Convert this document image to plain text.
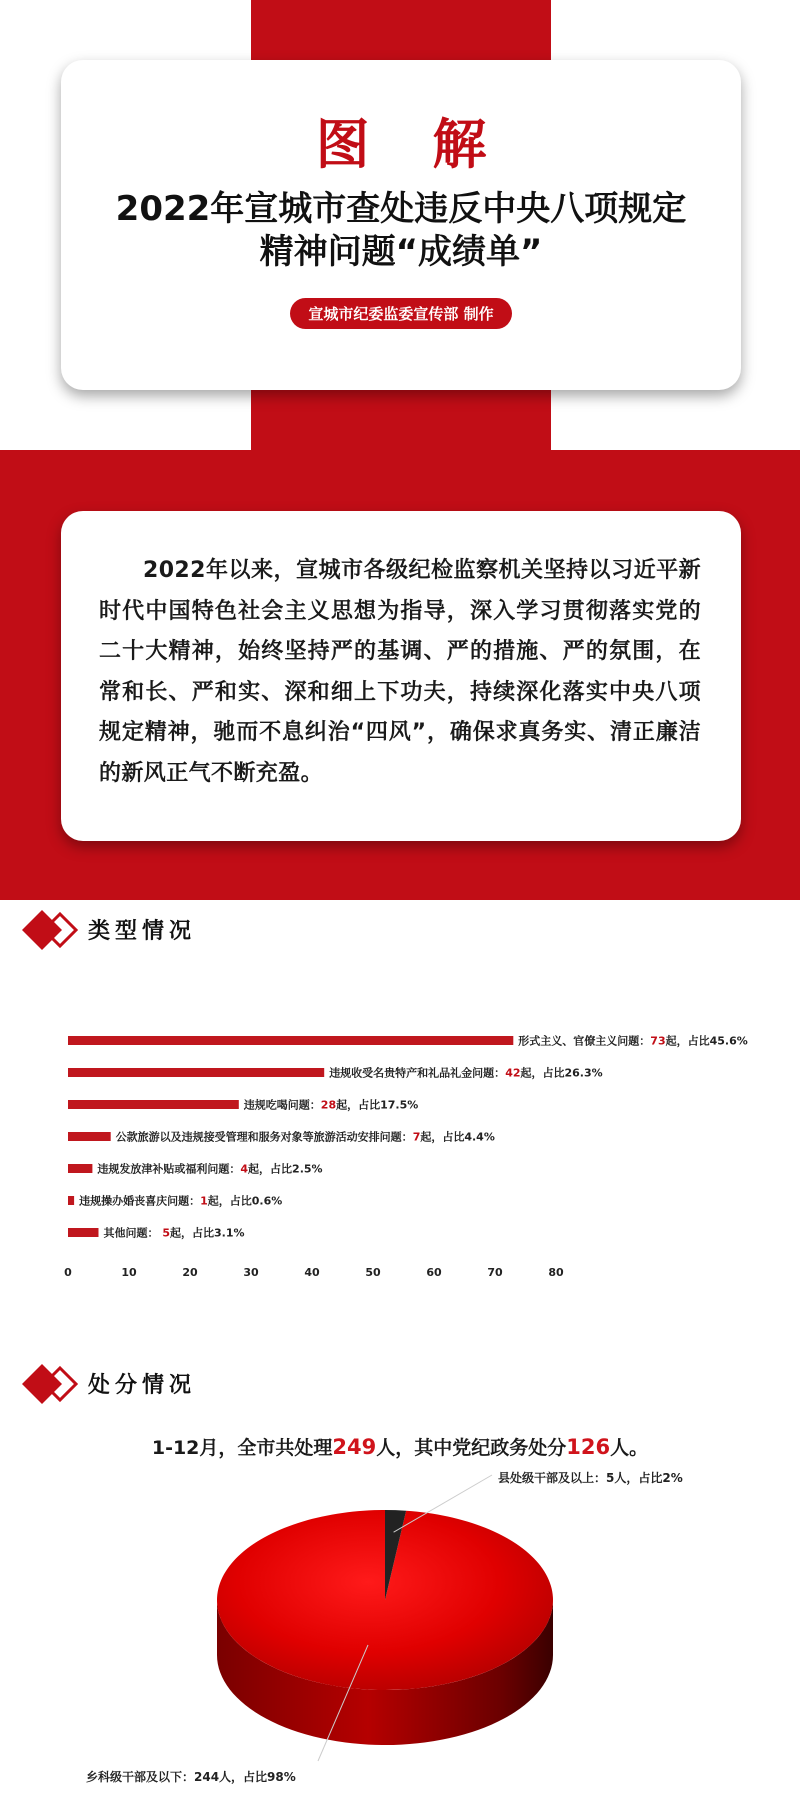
图 解
2022年宣城市查处违反中央八项规定
精神问题“成绩单”
宣城市纪委监委宣传部 制作

2022年以来，宣城市各级纪检监察机关坚持以习近平新时代中国特色社会主义思想为指导，深入学习贯彻落实党的二十大精神，始终坚持严的基调、严的措施、严的氛围，在常和长、严和实、深和细上下功夫，持续深化落实中央八项规定精神，驰而不息纠治“四风”，确保求真务实、清正廉洁的新风正气不断充盈。

类型情况
形式主义、官僚主义问题：73起，占比45.6%
违规收受名贵特产和礼品礼金问题：42起，占比26.3%
违规吃喝问题：28起，占比17.5%
公款旅游以及违规接受管理和服务对象等旅游活动安排问题：7起，占比4.4%
违规发放津补贴或福利问题：4起，占比2.5%
违规操办婚丧喜庆问题：1起，占比0.6%
其他问题： 5起，占比3.1%
0	10	20	30	40	50	60	70	80
处分情况
1-12月，全市共处理249人，其中党纪政务处分126人。
县处级干部及以上：5人，占比2%
乡科级干部及以下：244人，占比98%
